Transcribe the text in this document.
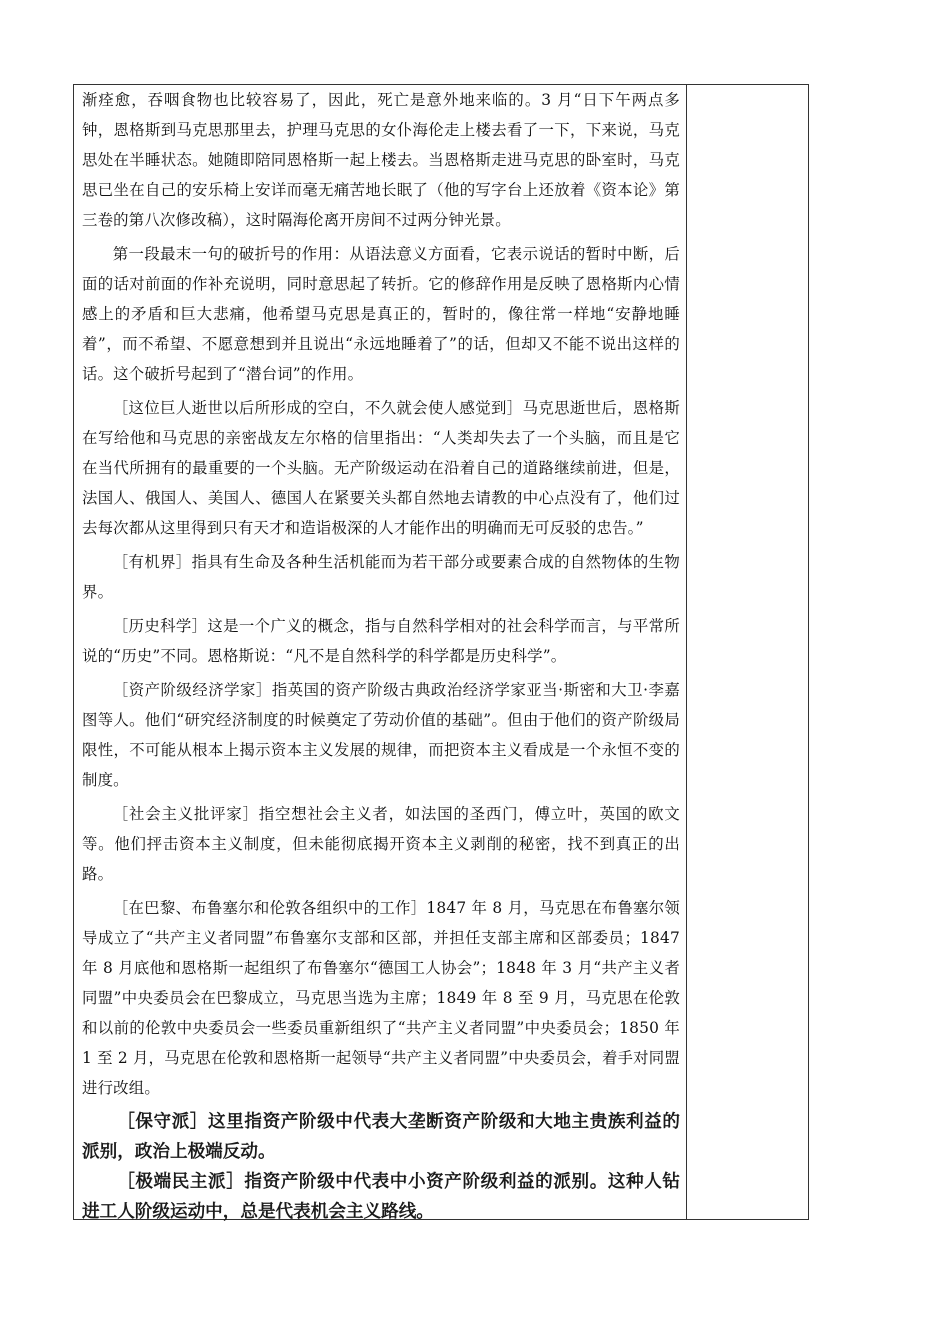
渐痊愈，吞咽食物也比较容易了，因此，死亡是意外地来临的。3 月“日下午两点多钟，恩格斯到马克思那里去，护理马克思的女仆海伦走上楼去看了一下，下来说，马克思处在半睡状态。她随即陪同恩格斯一起上楼去。当恩格斯走进马克思的卧室时，马克思已坐在自己的安乐椅上安详而毫无痛苦地长眠了（他的写字台上还放着《资本论》第三卷的第八次修改稿），这时隔海伦离开房间不过两分钟光景。

第一段最末一句的破折号的作用：从语法意义方面看，它表示说话的暂时中断，后面的话对前面的作补充说明，同时意思起了转折。它的修辞作用是反映了恩格斯内心情感上的矛盾和巨大悲痛，他希望马克思是真正的，暂时的，像往常一样地“安静地睡着”，而不希望、不愿意想到并且说出“永远地睡着了”的话，但却又不能不说出这样的话。这个破折号起到了“潜台词”的作用。

［这位巨人逝世以后所形成的空白，不久就会使人感觉到］马克思逝世后，恩格斯在写给他和马克思的亲密战友左尔格的信里指出：“人类却失去了一个头脑，而且是它在当代所拥有的最重要的一个头脑。无产阶级运动在沿着自己的道路继续前进，但是，法国人、俄国人、美国人、德国人在紧要关头都自然地去请教的中心点没有了，他们过去每次都从这里得到只有天才和造诣极深的人才能作出的明确而无可反驳的忠告。”

［有机界］指具有生命及各种生活机能而为若干部分或要素合成的自然物体的生物界。

［历史科学］这是一个广义的概念，指与自然科学相对的社会科学而言，与平常所说的“历史”不同。恩格斯说：“凡不是自然科学的科学都是历史科学”。

［资产阶级经济学家］指英国的资产阶级古典政治经济学家亚当·斯密和大卫·李嘉图等人。他们“研究经济制度的时候奠定了劳动价值的基础”。但由于他们的资产阶级局限性，不可能从根本上揭示资本主义发展的规律，而把资本主义看成是一个永恒不变的制度。

［社会主义批评家］指空想社会主义者，如法国的圣西门，傅立叶，英国的欧文等。他们抨击资本主义制度，但未能彻底揭开资本主义剥削的秘密，找不到真正的出路。

［在巴黎、布鲁塞尔和伦敦各组织中的工作］1847 年 8 月，马克思在布鲁塞尔领导成立了“共产主义者同盟”布鲁塞尔支部和区部，并担任支部主席和区部委员；1847 年 8 月底他和恩格斯一起组织了布鲁塞尔“德国工人协会”；1848 年 3 月“共产主义者同盟”中央委员会在巴黎成立，马克思当选为主席；1849 年 8 至 9 月，马克思在伦敦和以前的伦敦中央委员会一些委员重新组织了“共产主义者同盟”中央委员会；1850 年 1 至 2 月，马克思在伦敦和恩格斯一起领导“共产主义者同盟”中央委员会，着手对同盟进行改组。

［保守派］这里指资产阶级中代表大垄断资产阶级和大地主贵族利益的派别，政治上极端反动。

［极端民主派］指资产阶级中代表中小资产阶级利益的派别。这种人钻进工人阶级运动中，总是代表机会主义路线。
